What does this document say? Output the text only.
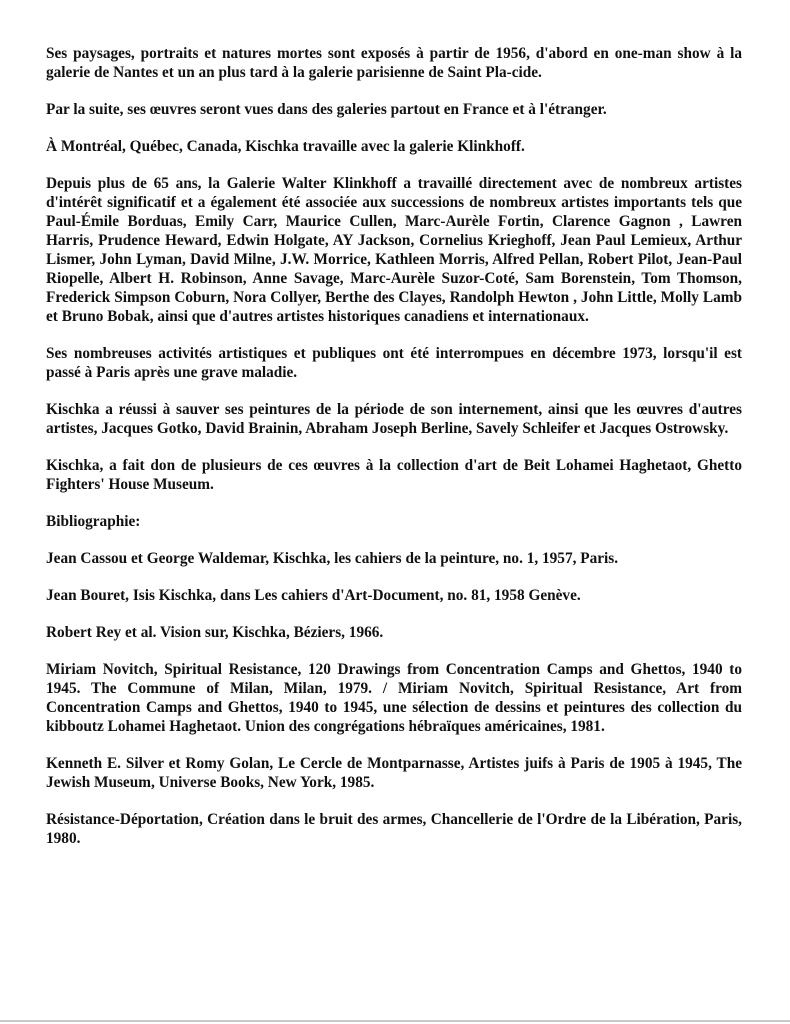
Ses paysages, portraits et natures mortes sont exposés à partir de 1956, d'abord en one-man show à la galerie de Nantes et un an plus tard à la galerie parisienne de Saint Pla-cide.

Par la suite, ses œuvres seront vues dans des galeries partout en France et à l'étranger.

À Montréal, Québec, Canada, Kischka travaille avec la galerie Klinkhoff.

Depuis plus de 65 ans, la Galerie Walter Klinkhoff a travaillé directement avec de nombreux artistes d'intérêt significatif et a également été associée aux successions de nombreux artistes importants tels que Paul-Émile Borduas, Emily Carr, Maurice Cullen, Marc-Aurèle Fortin, Clarence Gagnon , Lawren Harris, Prudence Heward, Edwin Holgate, AY Jackson, Cornelius Krieghoff, Jean Paul Lemieux, Arthur Lismer, John Lyman, David Milne, J.W. Morrice, Kathleen Morris, Alfred Pellan, Robert Pilot, Jean-Paul Riopelle, Albert H. Robinson, Anne Savage, Marc-Aurèle Suzor-Coté, Sam Borenstein, Tom Thomson, Frederick Simpson Coburn, Nora Collyer, Berthe des Clayes, Randolph Hewton , John Little, Molly Lamb et Bruno Bobak, ainsi que d'autres artistes historiques canadiens et internationaux.

Ses nombreuses activités artistiques et publiques ont été interrompues en décembre 1973, lorsqu'il est passé à Paris après une grave maladie.

Kischka a réussi à sauver ses peintures de la période de son internement, ainsi que les œuvres d'autres artistes, Jacques Gotko, David Brainin, Abraham Joseph Berline, Savely Schleifer et Jacques Ostrowsky.

Kischka, a fait don de plusieurs de ces œuvres à la collection d'art de Beit Lohamei Haghetaot, Ghetto Fighters' House Museum.

Bibliographie:

Jean Cassou et George Waldemar, Kischka, les cahiers de la peinture, no. 1, 1957, Paris.

Jean Bouret, Isis Kischka, dans Les cahiers d'Art-Document, no. 81, 1958 Genève.

Robert Rey et al. Vision sur, Kischka, Béziers, 1966.

Miriam Novitch, Spiritual Resistance, 120 Drawings from Concentration Camps and Ghettos, 1940 to 1945. The Commune of Milan, Milan, 1979. / Miriam Novitch, Spiritual Resistance, Art from Concentration Camps and Ghettos, 1940 to 1945, une sélection de dessins et peintures des collection du kibboutz Lohamei Haghetaot. Union des congrégations hébraïques américaines, 1981.

Kenneth E. Silver et Romy Golan, Le Cercle de Montparnasse, Artistes juifs à Paris de 1905 à 1945, The Jewish Museum, Universe Books, New York, 1985.

Résistance-Déportation, Création dans le bruit des armes, Chancellerie de l'Ordre de la Libération, Paris, 1980.
